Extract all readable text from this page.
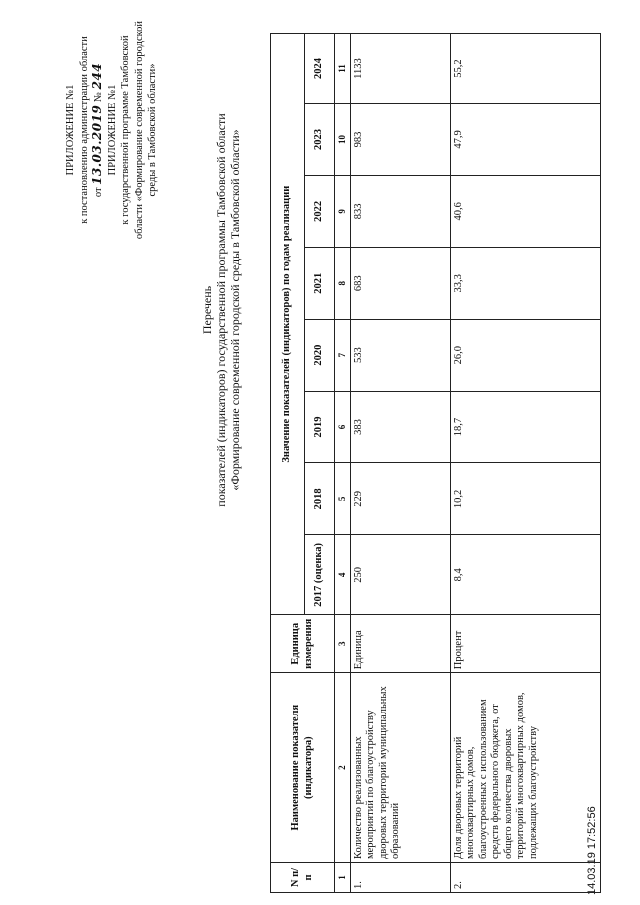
14.03.19 17:52:56
ПРИЛОЖЕНИЕ №1 к постановлению администрации области от 13.03.2019 № 244
ПРИЛОЖЕНИЕ №1 к государственной программе Тамбовской области «Формирование современной городской среды в Тамбовской области»
Перечень показателей (индикаторов) государственной программы Тамбовской области «Формирование современной городской среды в Тамбовской области»
N п/п	Наименование показателя (индикатора)	Единица измерения	Значение показателей (индикаторов) по годам реализации							
			2017 (оценка)	2018	2019	2020	2021	2022	2023	2024
1	2	3	4	5	6	7	8	9	10	11
1.	Количество реализованных мероприятий по благоустройству дворовых территорий муниципальных образований	Единица	250	229	383	533	683	833	983	1133
2.	Доля дворовых территорий многоквартирных домов, благоустроенных с использованием средств федерального бюджета, от общего количества дворовых территорий многоквартирных домов, подлежащих благоустройству	Процент	8,4	10,2	18,7	26,0	33,3	40,6	47,9	55,2
